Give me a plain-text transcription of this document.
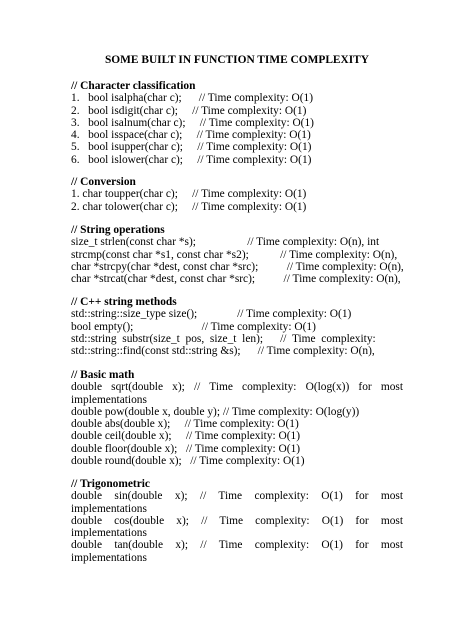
SOME BUILT IN FUNCTION TIME COMPLEXITY
// Character classification
1.   bool isalpha(char c);      // Time complexity: O(1)
2.   bool isdigit(char c);     // Time complexity: O(1)
3.   bool isalnum(char c);     // Time complexity: O(1)
4.   bool isspace(char c);     // Time complexity: O(1)
5.   bool isupper(char c);     // Time complexity: O(1)
6.   bool islower(char c);     // Time complexity: O(1)
// Conversion
1. char toupper(char c);     // Time complexity: O(1)
2. char tolower(char c);     // Time complexity: O(1)
// String operations
size_t strlen(const char *s);                  // Time complexity: O(n), int
strcmp(const char *s1, const char *s2);           // Time complexity: O(n),
char *strcpy(char *dest, const char *src);          // Time complexity: O(n),
char *strcat(char *dest, const char *src);          // Time complexity: O(n),
// C++ string methods
std::string::size_type size();              // Time complexity: O(1)
bool empty();                        // Time complexity: O(1)
std::string  substr(size_t  pos,  size_t  len);      //  Time  complexity:
std::string::find(const std::string &s);      // Time complexity: O(n),
// Basic math
double sqrt(double x); // Time complexity: O(log(x)) for most implementations
double pow(double x, double y); // Time complexity: O(log(y))
double abs(double x);     // Time complexity: O(1)
double ceil(double x);     // Time complexity: O(1)
double floor(double x);   // Time complexity: O(1)
double round(double x);   // Time complexity: O(1)
// Trigonometric
double sin(double x); // Time complexity: O(1) for most implementations
double cos(double x); // Time complexity: O(1) for most implementations
double tan(double x); // Time complexity: O(1) for most implementations
